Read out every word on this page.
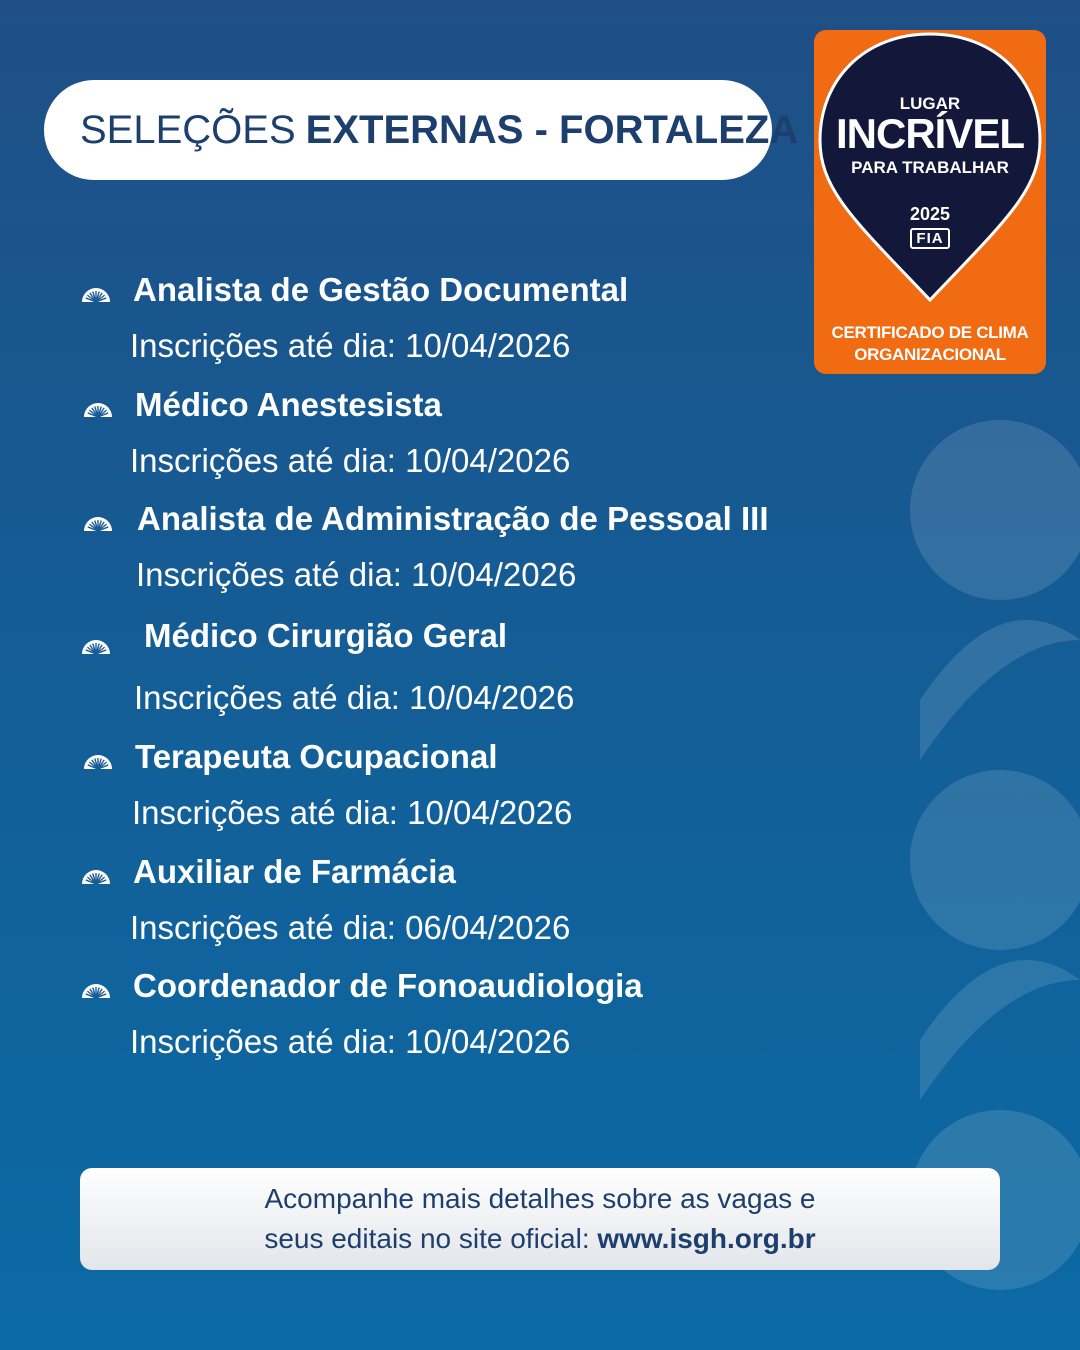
SELEÇÕES EXTERNAS - FORTALEZA
LUGAR
INCRÍVEL
PARA TRABALHAR
2025
FIA
CERTIFICADO DE CLIMA
ORGANIZACIONAL
Analista de Gestão Documental
Inscrições até dia: 10/04/2026
Médico Anestesista
Inscrições até dia: 10/04/2026
Analista de Administração de Pessoal III
Inscrições até dia: 10/04/2026
Médico Cirurgião Geral
Inscrições até dia: 10/04/2026
Terapeuta Ocupacional
Inscrições até dia: 10/04/2026
Auxiliar de Farmácia
Inscrições até dia: 06/04/2026
Coordenador de Fonoaudiologia
Inscrições até dia: 10/04/2026
Acompanhe mais detalhes sobre as vagas e
seus editais no site oficial: www.isgh.org.br
